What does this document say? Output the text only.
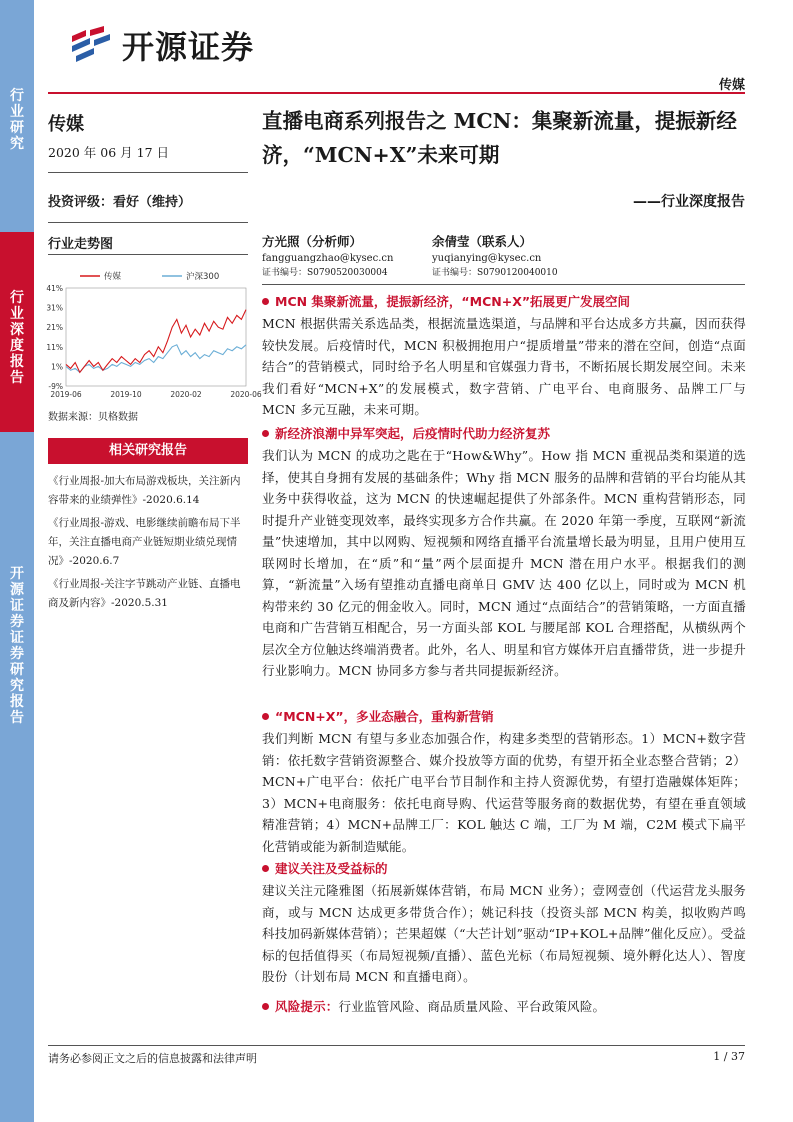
行业研究
行业深度报告
开源证券 证券研究报告
开源证券
传媒
传媒
2020 年 06 月 17 日
投资评级：看好（维持）
行业走势图
41%
31%
21%
11%
1%
-9%
2019-06	2019-10	2020-02	2020-06
传媒	沪深300
数据来源：贝格数据
相关研究报告
《行业周报-加大布局游戏板块，关注新内容带来的业绩弹性》-2020.6.14
《行业周报-游戏、电影继续前瞻布局下半年，关注直播电商产业链短期业绩兑现情况》-2020.6.7
《行业周报-关注字节跳动产业链、直播电商及新内容》-2020.5.31
直播电商系列报告之 MCN：集聚新流量，提振新经济，“MCN+X”未来可期
——行业深度报告
方光照（分析师）
fangguangzhao@kysec.cn
证书编号：S0790520030004
余倩莹（联系人）
yuqianying@kysec.cn
证书编号：S0790120040010
MCN 集聚新流量，提振新经济，“MCN+X”拓展更广发展空间
MCN 根据供需关系选品类，根据流量选渠道，与品牌和平台达成多方共赢，因而获得较快发展。后疫情时代，MCN 积极拥抱用户“提质增量”带来的潜在空间，创造“点面结合”的营销模式，同时给予名人明星和官媒强力背书，不断拓展长期发展空间。未来我们看好“MCN+X”的发展模式，数字营销、广电平台、电商服务、品牌工厂与 MCN 多元互融，未来可期。
新经济浪潮中异军突起，后疫情时代助力经济复苏
我们认为 MCN 的成功之匙在于“How&Why”。How 指 MCN 重视品类和渠道的选择，使其自身拥有发展的基础条件；Why 指 MCN 服务的品牌和营销的平台均能从其业务中获得收益，这为 MCN 的快速崛起提供了外部条件。MCN 重构营销形态，同时提升产业链变现效率，最终实现多方合作共赢。在 2020 年第一季度，互联网“新流量”快速增加，其中以网购、短视频和网络直播平台流量增长最为明显，且用户使用互联网时长增加，在“质”和“量”两个层面提升 MCN 潜在用户水平。根据我们的测算，“新流量”入场有望推动直播电商单日 GMV 达 400 亿以上，同时或为 MCN 机构带来约 30 亿元的佣金收入。同时，MCN 通过“点面结合”的营销策略，一方面直播电商和广告营销互相配合，另一方面头部 KOL 与腰尾部 KOL 合理搭配，从横纵两个层次全方位触达终端消费者。此外，名人、明星和官方媒体开启直播带货，进一步提升行业影响力。MCN 协同多方参与者共同提振新经济。
“MCN+X”，多业态融合，重构新营销
我们判断 MCN 有望与多业态加强合作，构建多类型的营销形态。1）MCN+数字营销：依托数字营销资源整合、媒介投放等方面的优势，有望开拓全业态整合营销；2）MCN+广电平台：依托广电平台节目制作和主持人资源优势，有望打造融媒体矩阵；3）MCN+电商服务：依托电商导购、代运营等服务商的数据优势，有望在垂直领域精准营销；4）MCN+品牌工厂：KOL 触达 C 端，工厂为 M 端，C2M 模式下扁平化营销或能为新制造赋能。
建议关注及受益标的
建议关注元隆雅图（拓展新媒体营销，布局 MCN 业务）；壹网壹创（代运营龙头服务商，或与 MCN 达成更多带货合作）；姚记科技（投资头部 MCN 构美，拟收购芦鸣科技加码新媒体营销）；芒果超媒（“大芒计划”驱动“IP+KOL+品牌”催化反应）。受益标的包括值得买（布局短视频/直播）、蓝色光标（布局短视频、境外孵化达人）、智度股份（计划布局 MCN 和直播电商）。
风险提示： 行业监管风险、商品质量风险、平台政策风险。
请务必参阅正文之后的信息披露和法律声明	1 / 37
